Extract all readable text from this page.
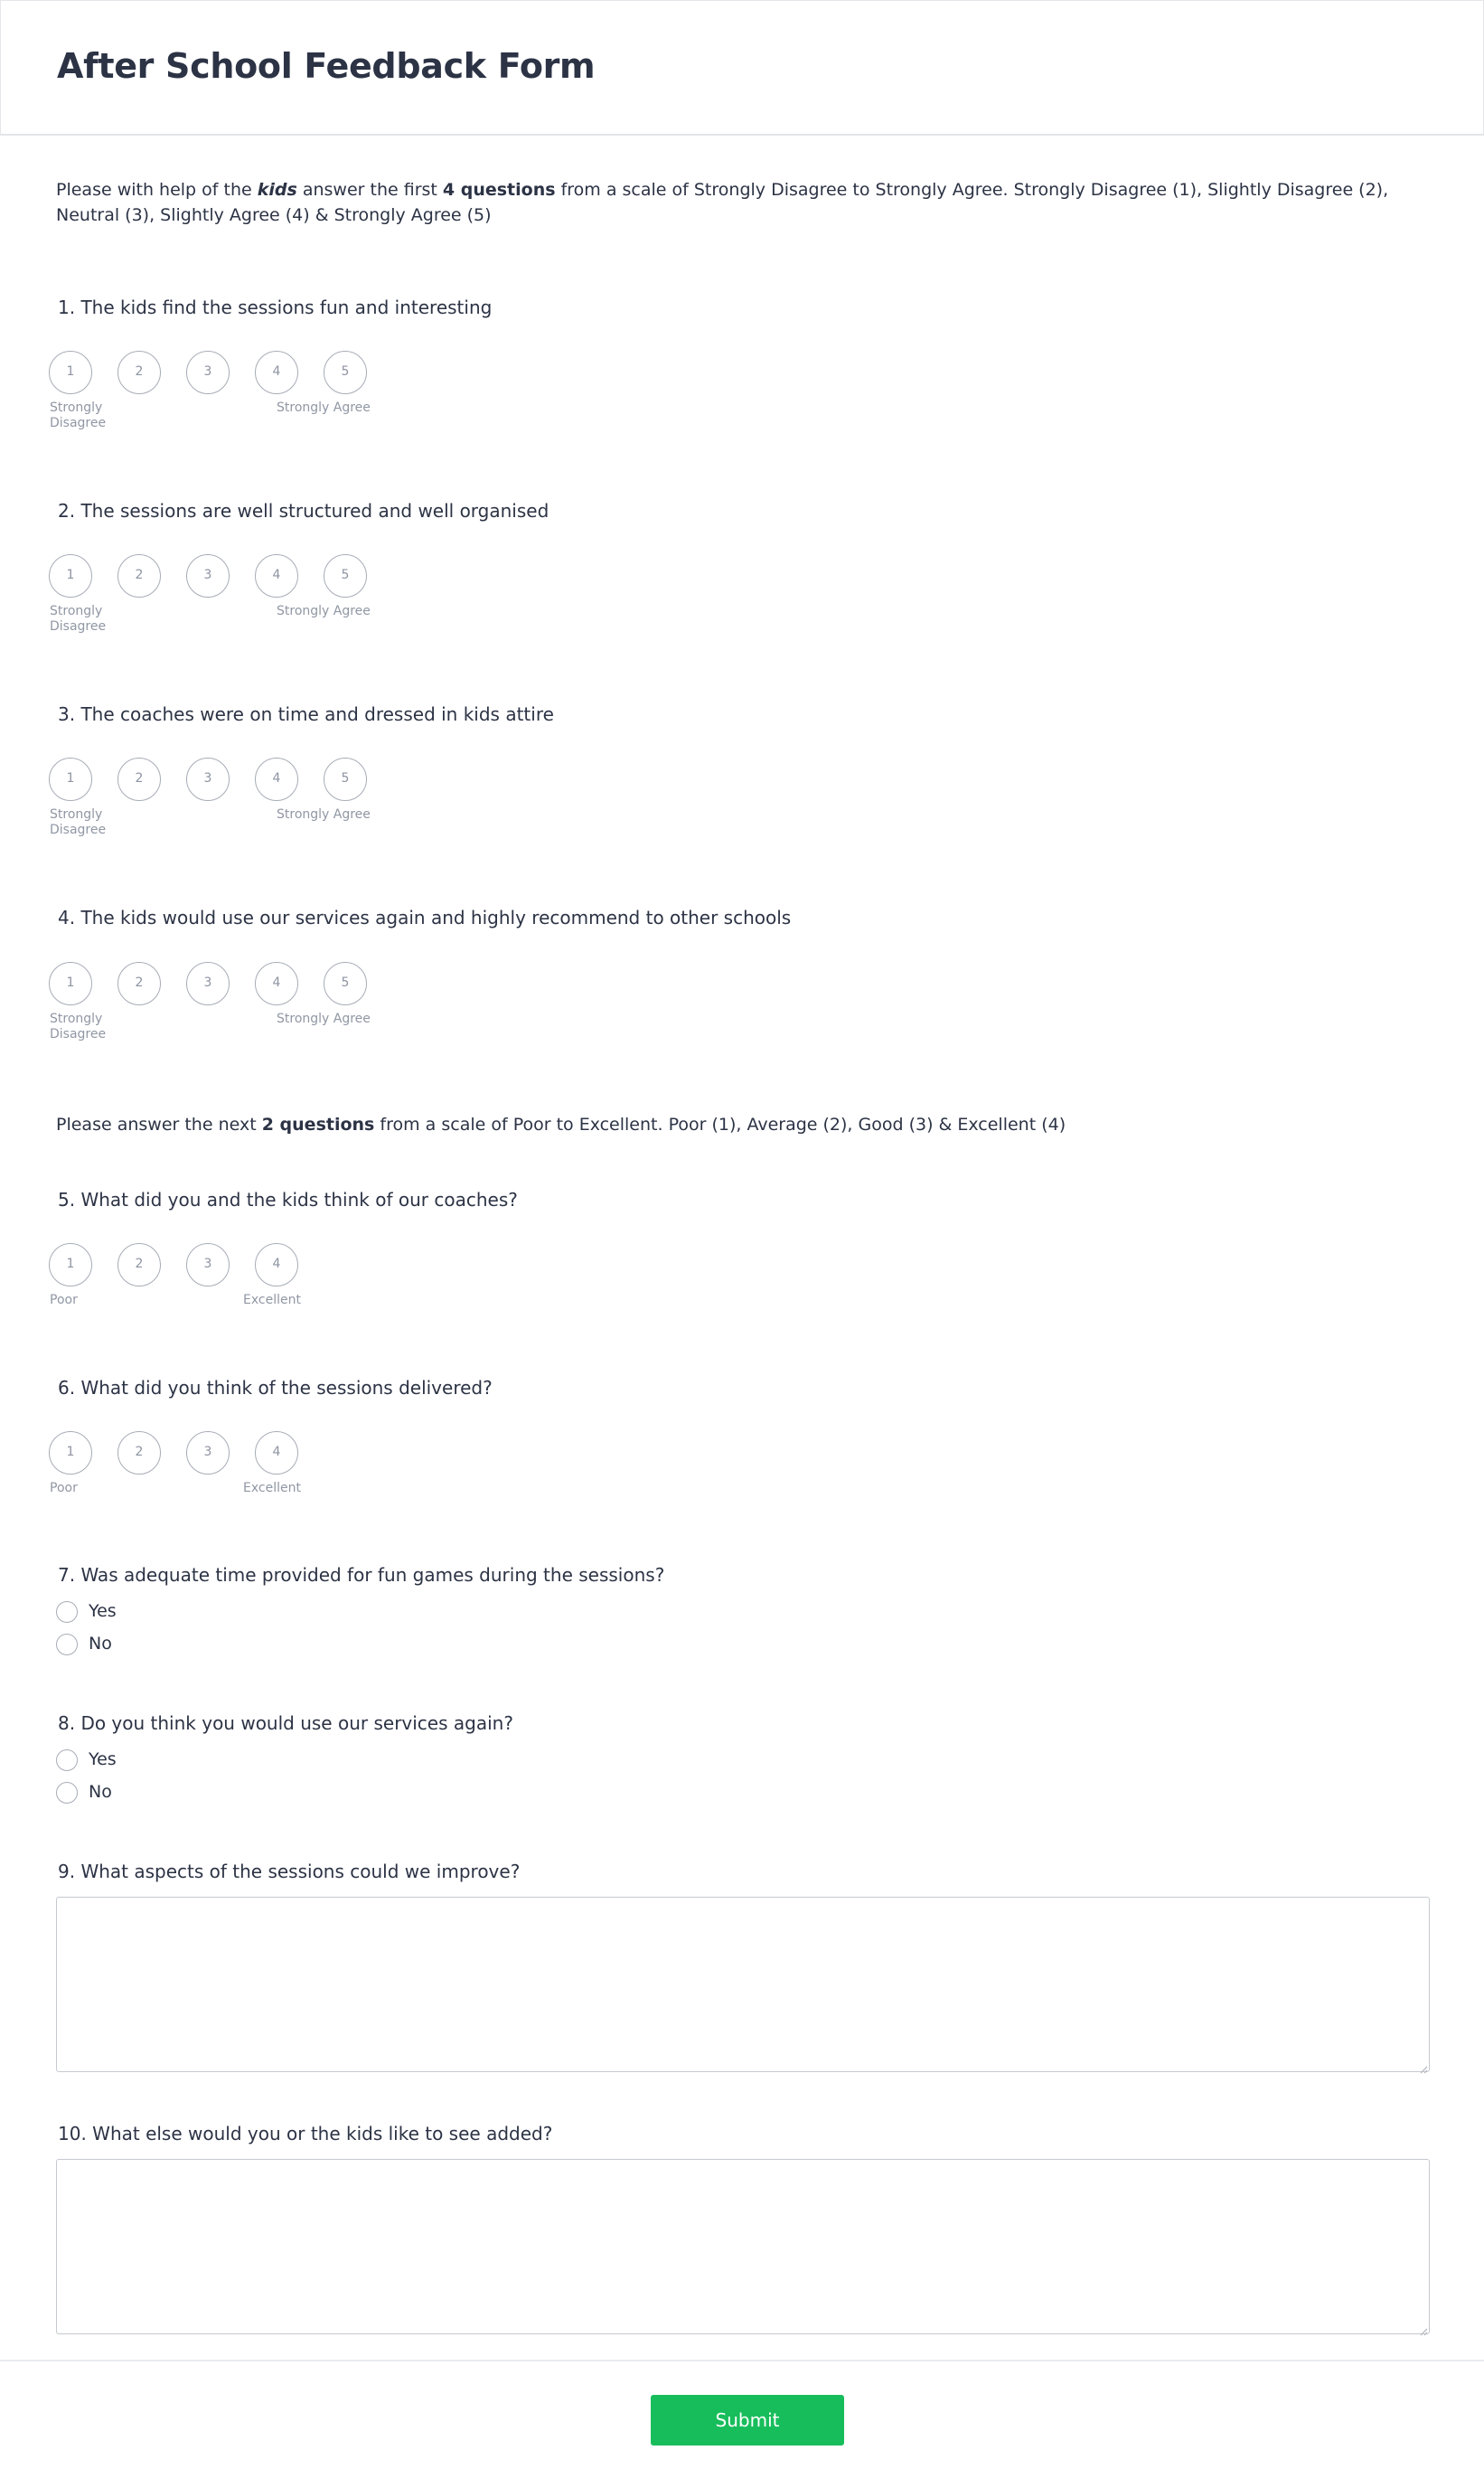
After School Feedback Form
Please with help of the kids answer the first 4 questions from a scale of Strongly Disagree to Strongly Agree. Strongly Disagree (1), Slightly Disagree (2), Neutral (3), Slightly Agree (4) & Strongly Agree (5)
1. The kids find the sessions fun and interesting
1	2	3	4	5
Strongly Disagree
Strongly Agree
2. The sessions are well structured and well organised
1	2	3	4	5
Strongly Disagree
Strongly Agree
3. The coaches were on time and dressed in kids attire
1	2	3	4	5
Strongly Disagree
Strongly Agree
4. The kids would use our services again and highly recommend to other schools
1	2	3	4	5
Strongly Disagree
Strongly Agree
Please answer the next 2 questions from a scale of Poor to Excellent. Poor (1), Average (2), Good (3) & Excellent (4)
5. What did you and the kids think of our coaches?
1	2	3	4
Poor	Excellent
6. What did you think of the sessions delivered?
1	2	3	4
Poor	Excellent
7. Was adequate time provided for fun games during the sessions?
Yes
No
8. Do you think you would use our services again?
Yes
No
9. What aspects of the sessions could we improve?
10. What else would you or the kids like to see added?
Submit
